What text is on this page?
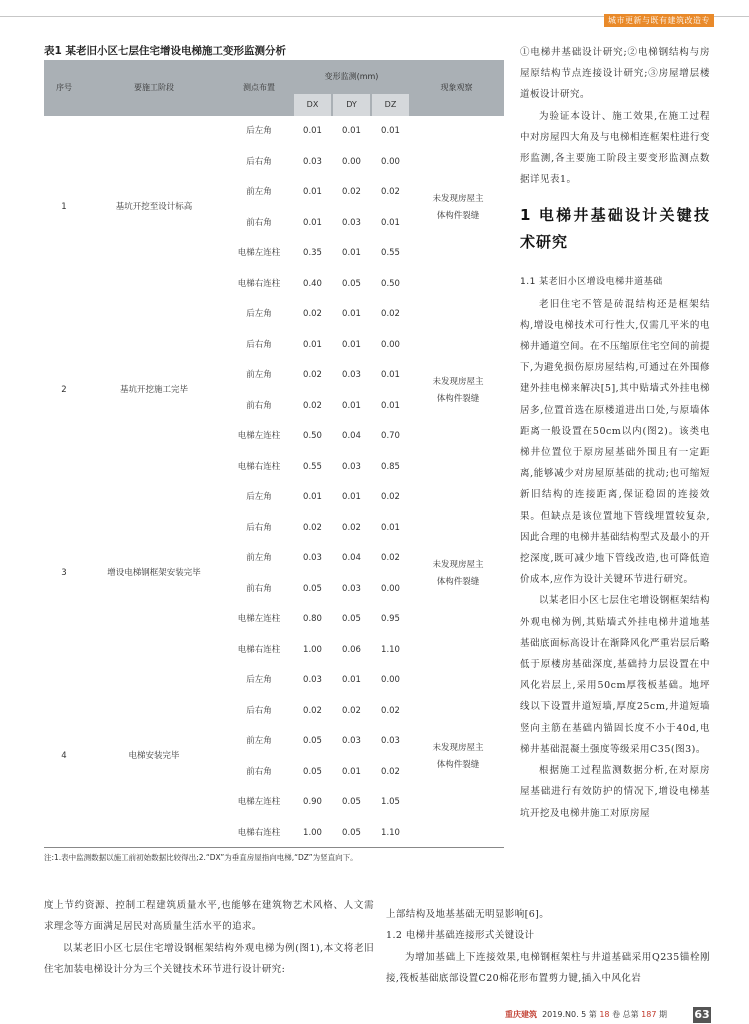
城市更新与既有建筑改造专刊
表1 某老旧小区七层住宅增设电梯施工变形监测分析
序号	要施工阶段	测点布置
变形监测(mm)
DX	DY	DZ
现象观察
1	基坑开挖至设计标高
未发现房屋主体构件裂缝
后左角	0.01	0.01	0.01
后右角	0.03	0.00	0.00
前左角	0.01	0.02	0.02
前右角	0.01	0.03	0.01
电梯左连柱	0.35	0.01	0.55
电梯右连柱	0.40	0.05	0.50
2	基坑开挖施工完毕
未发现房屋主体构件裂缝
后左角	0.02	0.01	0.02
后右角	0.01	0.01	0.00
前左角	0.02	0.03	0.01
前右角	0.02	0.01	0.01
电梯左连柱	0.50	0.04	0.70
电梯右连柱	0.55	0.03	0.85
3	增设电梯钢框架安装完毕
未发现房屋主体构件裂缝
后左角	0.01	0.01	0.02
后右角	0.02	0.02	0.01
前左角	0.03	0.04	0.02
前右角	0.05	0.03	0.00
电梯左连柱	0.80	0.05	0.95
电梯右连柱	1.00	0.06	1.10
4	电梯安装完毕
未发现房屋主体构件裂缝
后左角	0.03	0.01	0.00
后右角	0.02	0.02	0.02
前左角	0.05	0.03	0.03
前右角	0.05	0.01	0.02
电梯左连柱	0.90	0.05	1.05
电梯右连柱	1.00	0.05	1.10
注:1.表中监测数据以施工前初始数据比较得出;2.“DX”为垂直房屋指向电梯,“DZ”为竖直向下。

①电梯井基础设计研究;②电梯钢结构与房屋原结构节点连接设计研究;③房屋增层楼道板设计研究。

为验证本设计、施工效果,在施工过程中对房屋四大角及与电梯相连框架柱进行变形监测,各主要施工阶段主要变形监测点数据详见表1。

1 电梯井基础设计关键技术研究

1.1 某老旧小区增设电梯井道基础

老旧住宅不管是砖混结构还是框架结构,增设电梯技术可行性大,仅需几平米的电梯井通道空间。在不压缩原住宅空间的前提下,为避免损伤原房屋结构,可通过在外围修建外挂电梯来解决[5],其中贴墙式外挂电梯居多,位置首选在原楼道进出口处,与原墙体距离一般设置在50cm以内(图2)。该类电梯井位置位于原房屋基础外围且有一定距离,能够减少对房屋原基础的扰动;也可缩短新旧结构的连接距离,保证稳固的连接效果。但缺点是该位置地下管线埋置较复杂,因此合理的电梯井基础结构型式及最小的开挖深度,既可减少地下管线改造,也可降低造价成本,应作为设计关键环节进行研究。

以某老旧小区七层住宅增设钢框架结构外观电梯为例,其贴墙式外挂电梯井道地基基础底面标高设计在渐降风化严重岩层后略低于原楼房基础深度,基础持力层设置在中风化岩层上,采用50cm厚筏板基础。地坪线以下设置井道短墙,厚度25cm,井道短墙竖向主筋在基础内锚固长度不小于40d,电梯井基础混凝土强度等级采用C35(图3)。

根据施工过程监测数据分析,在对原房屋基础进行有效防护的情况下,增设电梯基坑开挖及电梯井施工对原房屋

度上节约资源、控制工程建筑质量水平,也能够在建筑物艺术风格、人文需求理念等方面满足居民对高质量生活水平的追求。

以某老旧小区七层住宅增设钢框架结构外观电梯为例(图1),本文将老旧住宅加装电梯设计分为三个关键技术环节进行设计研究:

上部结构及地基基础无明显影响[6]。

1.2 电梯井基础连接形式关键设计

为增加基础上下连接效果,电梯钢框架柱与井道基础采用Q235锚栓刚接,筏板基础底部设置C20棉花形布置剪力键,插入中风化岩

重庆建筑 2019.N0. 5 第 18 卷 总第 187 期 63
